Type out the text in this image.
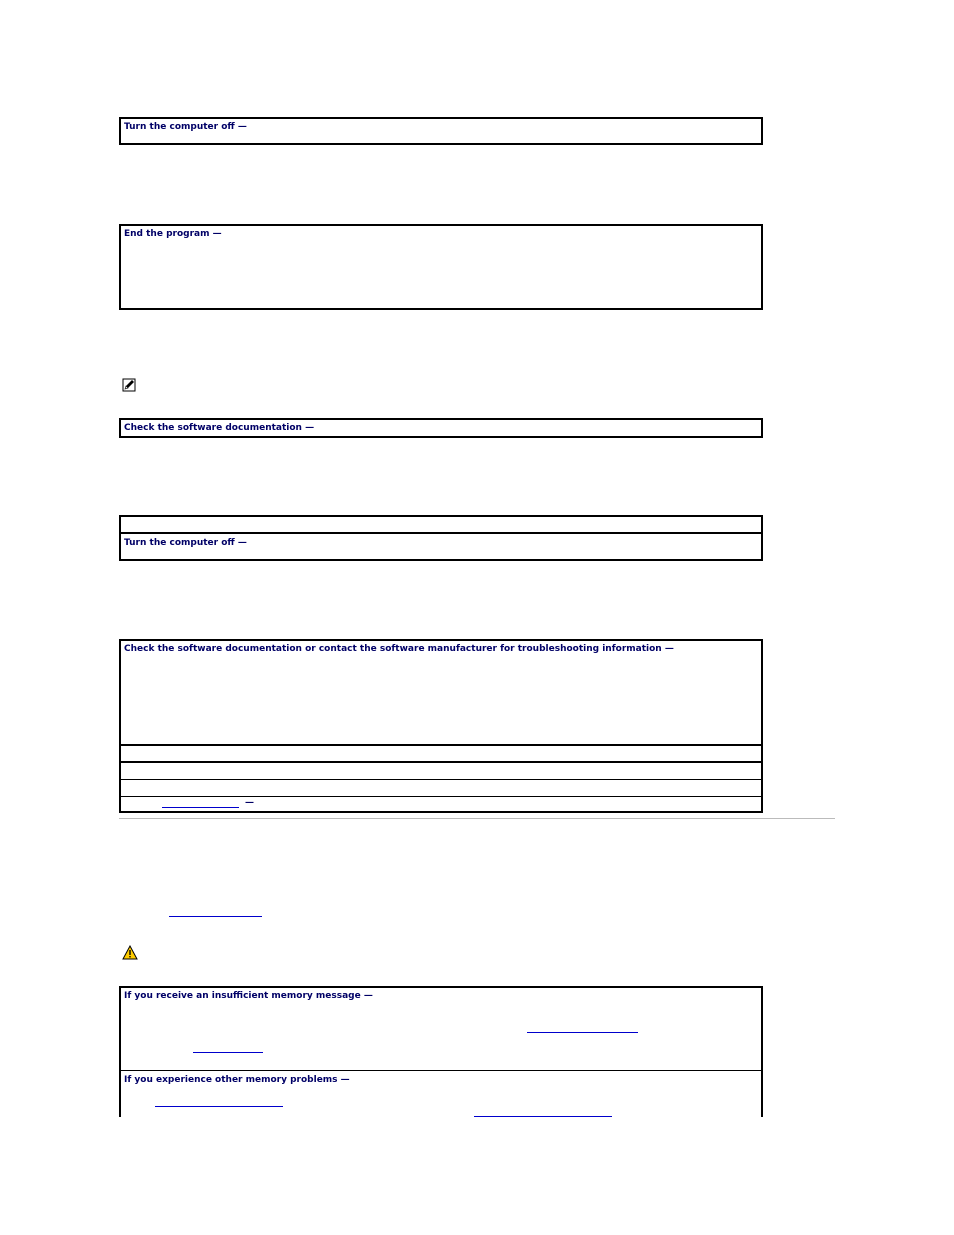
Turn the computer off —
End the program —
Check the software documentation —
Turn the computer off —
Check the software documentation or contact the software manufacturer for troubleshooting information —
—
If you receive an insufficient memory message —
If you experience other memory problems —
